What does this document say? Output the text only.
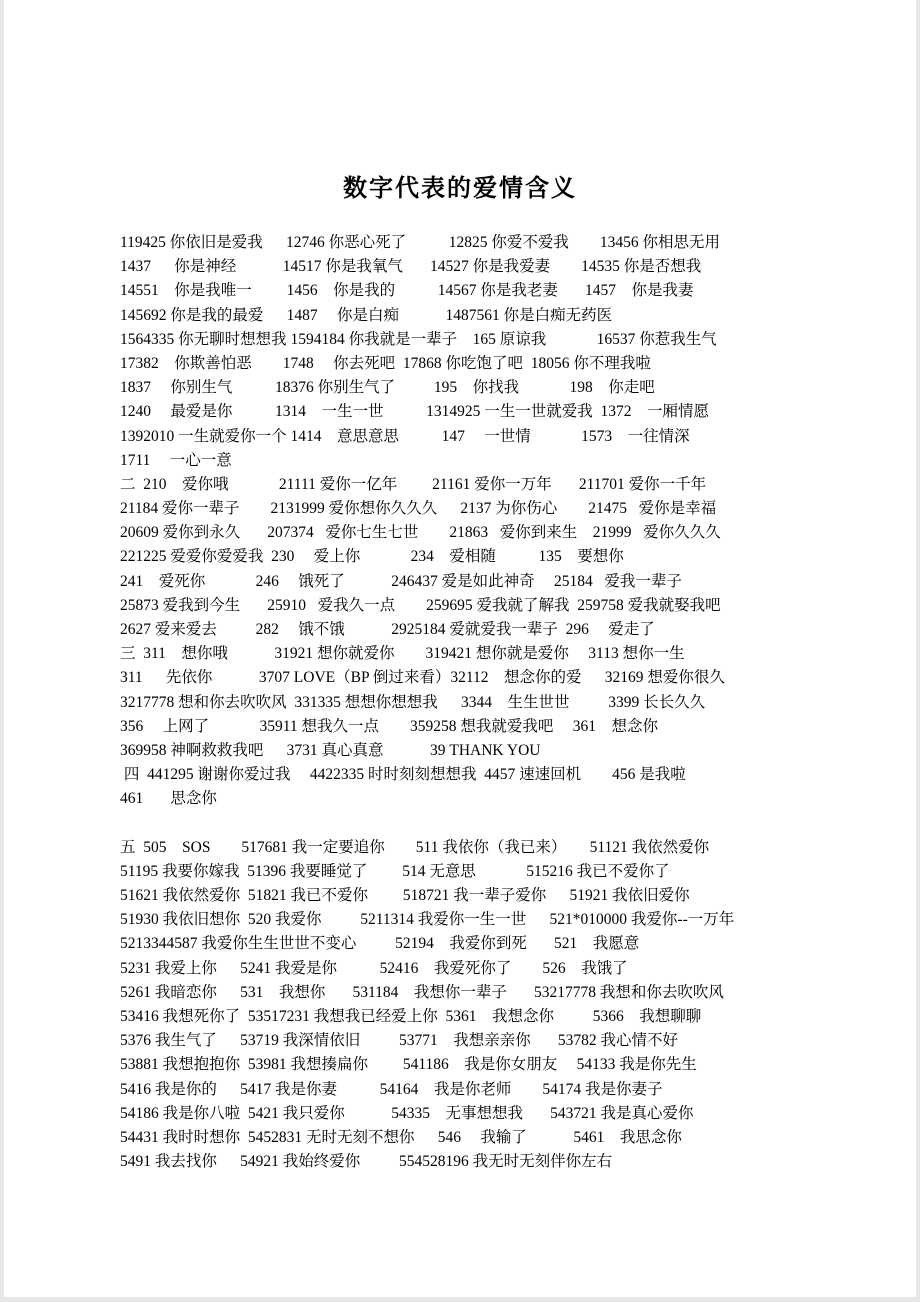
数字代表的爱情含义
119425 你依旧是爱我      12746 你恶心死了           12825 你爱不爱我        13456 你相思无用
1437      你是神经            14517 你是我氧气       14527 你是我爱妻        14535 你是否想我
14551    你是我唯一         1456    你是我的           14567 你是我老妻       1457    你是我妻
145692 你是我的最爱      1487     你是白痴            1487561 你是白痴无药医
1564335 你无聊时想想我 1594184 你我就是一辈子    165 原谅我             16537 你惹我生气
17382    你欺善怕恶        1748     你去死吧  17868 你吃饱了吧  18056 你不理我啦
1837     你别生气           18376 你别生气了          195    你找我             198    你走吧
1240     最爱是你           1314    一生一世           1314925 一生一世就爱我  1372    一厢情愿
1392010 一生就爱你一个 1414    意思意思           147     一世情             1573    一往情深
1711     一心一意
二  210    爱你哦             21111 爱你一亿年         21161 爱你一万年       211701 爱你一千年
21184 爱你一辈子        2131999 爱你想你久久久      2137 为你伤心        21475   爱你是幸福
20609 爱你到永久       207374   爱你七生七世        21863   爱你到来生    21999   爱你久久久
221225 爱爱你爱爱我  230     爱上你             234    爱相随           135    要想你
241    爱死你             246     饿死了            246437 爱是如此神奇     25184   爱我一辈子
25873 爱我到今生       25910   爱我久一点        259695 爱我就了解我  259758 爱我就娶我吧
2627 爱来爱去          282     饿不饿            2925184 爱就爱我一辈子  296     爱走了
三  311    想你哦            31921 想你就爱你        319421 想你就是爱你     3113 想你一生
311      先依你            3707 LOVE（BP 倒过来看）32112    想念你的爱      32169 想爱你很久
3217778 想和你去吹吹风  331335 想想你想想我      3344    生生世世          3399 长长久久
356     上网了             35911 想我久一点        359258 想我就爱我吧     361    想念你
369958 神啊救救我吧      3731 真心真意            39 THANK YOU
四  441295 谢谢你爱过我     4422335 时时刻刻想想我  4457 速速回机        456 是我啦
461       思念你

五  505    SOS        517681 我一定要追你        511 我依你（我已来）      51121 我依然爱你
51195 我要你嫁我  51396 我要睡觉了         514 无意思             515216 我已不爱你了
51621 我依然爱你  51821 我已不爱你         518721 我一辈子爱你      51921 我依旧爱你
51930 我依旧想你  520 我爱你          5211314 我爱你一生一世      521*010000 我爱你--一万年
5213344587 我爱你生生世世不变心          52194    我爱你到死       521    我愿意
5231 我爱上你      5241 我爱是你           52416    我爱死你了        526    我饿了
5261 我暗恋你      531    我想你       531184    我想你一辈子       53217778 我想和你去吹吹风
53416 我想死你了  53517231 我想我已经爱上你  5361    我想念你          5366    我想聊聊
5376 我生气了      53719 我深情依旧          53771    我想亲亲你       53782 我心情不好
53881 我想抱抱你  53981 我想揍扁你         541186    我是你女朋友     54133 我是你先生
5416 我是你的      5417 我是你妻           54164    我是你老师        54174 我是你妻子
54186 我是你八啦  5421 我只爱你            54335    无事想想我       543721 我是真心爱你
54431 我时时想你  5452831 无时无刻不想你      546     我输了            5461    我思念你
5491 我去找你      54921 我始终爱你          554528196 我无时无刻伴你左右
